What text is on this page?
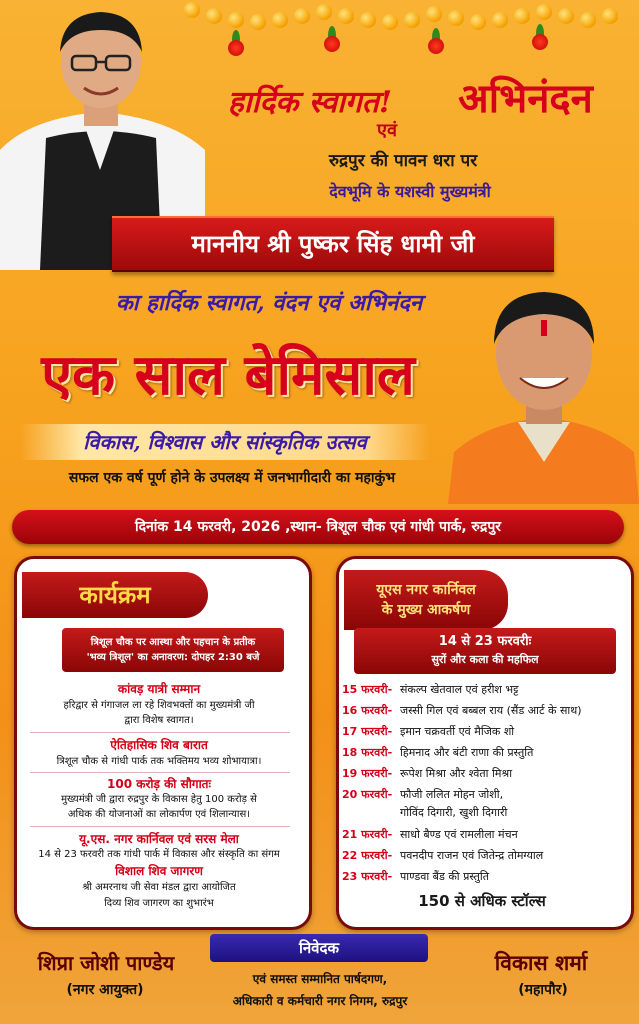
हार्दिक स्वागत!	अभिनंदन
एवं
रुद्रपुर की पावन धरा पर
देवभूमि के यशस्वी मुख्यमंत्री
माननीय श्री पुष्कर सिंह धामी जी
का हार्दिक स्वागत, वंदन एवं अभिनंदन
एक साल बेमिसाल
विकास, विश्वास और सांस्कृतिक उत्सव
सफल एक वर्ष पूर्ण होने के उपलक्ष्य में जनभागीदारी का महाकुंभ
दिनांक 14 फरवरी, 2026 ,स्थान- त्रिशूल चौक एवं गांधी पार्क, रुद्रपुर
कार्यक्रम
त्रिशूल चौक पर आस्था और पहचान के प्रतीक
'भव्य त्रिशूल' का अनावरण: दोपहर 2:30 बजे
कांवड़ यात्री सम्मान
हरिद्वार से गंगाजल ला रहे शिवभक्तों का मुख्यमंत्री जी
द्वारा विशेष स्वागत।
ऐतिहासिक शिव बारात
त्रिशूल चौक से गांधी पार्क तक भक्तिमय भव्य शोभायात्रा।
100 करोड़ की सौगातः
मुख्यमंत्री जी द्वारा रुद्रपुर के विकास हेतु 100 करोड़ से
अधिक की योजनाओं का लोकार्पण एवं शिलान्यास।
यू.एस. नगर कार्निवल एवं सरस मेला
14 से 23 फरवरी तक गांधी पार्क में विकास और संस्कृति का संगम
विशाल शिव जागरण
श्री अमरनाथ जी सेवा मंडल द्वारा आयोजित
दिव्य शिव जागरण का शुभारंभ
यूएस नगर कार्निवल
के मुख्य आकर्षण
14 से 23 फरवरीः
सुरों और कला की महफिल
15 फरवरी- संकल्प खेतवाल एवं हरीश भट्ट
16 फरवरी- जस्सी गिल एवं बब्बल राय (सैंड आर्ट के साथ)
17 फरवरी- इमान चक्रवर्ती एवं मैजिक शो
18 फरवरी- हिमनाद और बंटी राणा की प्रस्तुति
19 फरवरी- रूपेश मिश्रा और श्वेता मिश्रा
20 फरवरी- फौजी ललित मोहन जोशी,
गोविंद दिगारी, खुशी दिगारी
21 फरवरी- साधो बैण्ड एवं रामलीला मंचन
22 फरवरी- पवनदीप राजन एवं जितेन्द्र तोमग्याल
23 फरवरी- पाण्डवा बैंड की प्रस्तुति
150 से अधिक स्टॉल्स
निवेदक
एवं समस्त सम्मानित पार्षदगण,
अधिकारी व कर्मचारी नगर निगम, रुद्रपुर
शिप्रा जोशी पाण्डेय
(नगर आयुक्त)
विकास शर्मा
(महापौर)
